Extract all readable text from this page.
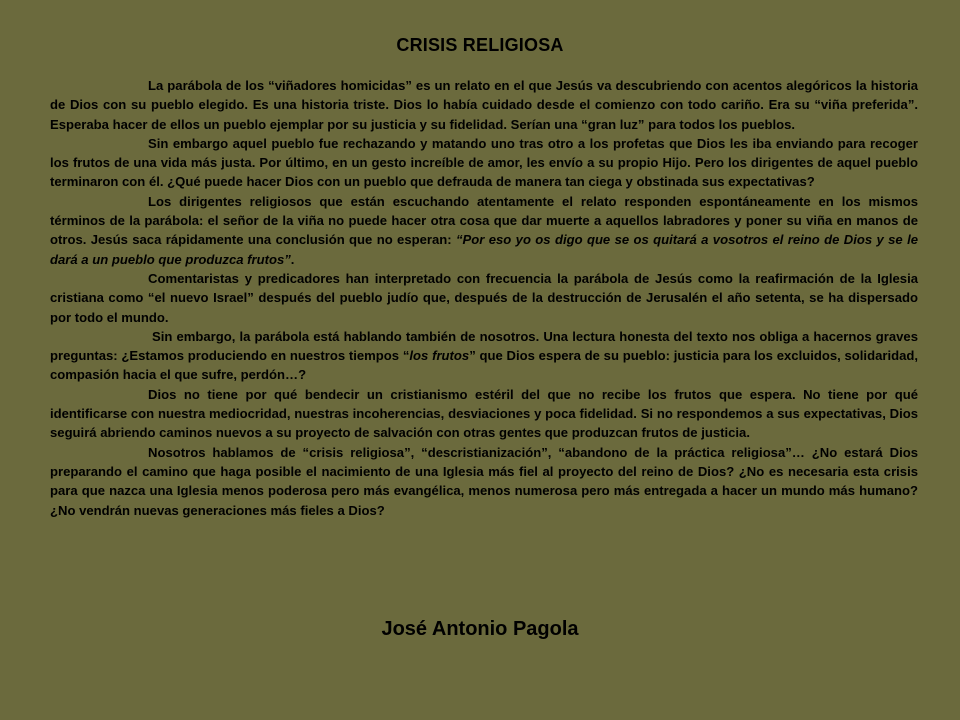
CRISIS RELIGIOSA

La parábola de los “viñadores homicidas” es un relato en el que Jesús va descubriendo con acentos alegóricos la historia de Dios con su pueblo elegido. Es una historia triste. Dios lo había cuidado desde el comienzo con todo cariño. Era su “viña preferida”. Esperaba hacer de ellos un pueblo ejemplar por su justicia y su fidelidad. Serían una “gran luz” para todos los pueblos.

Sin embargo aquel pueblo fue rechazando y matando uno tras otro a los profetas que Dios les iba enviando para recoger los frutos de una vida más justa. Por último, en un gesto increíble de amor, les envío a su propio Hijo. Pero los dirigentes de aquel pueblo terminaron con él. ¿Qué puede hacer Dios con un pueblo que defrauda de manera tan ciega y obstinada sus expectativas?

Los dirigentes religiosos que están escuchando atentamente el relato responden espontáneamente en los mismos términos de la parábola: el señor de la viña no puede hacer otra cosa que dar muerte a aquellos labradores y poner su viña en manos de otros. Jesús saca rápidamente una conclusión que no esperan: “Por eso yo os digo que se os quitará a vosotros el reino de Dios y se le dará a un pueblo que produzca frutos”.

Comentaristas y predicadores han interpretado con frecuencia la parábola de Jesús como la reafirmación de la Iglesia cristiana como “el nuevo Israel” después del pueblo judío que, después de la destrucción de Jerusalén el año setenta, se ha dispersado por todo el mundo.

Sin embargo, la parábola está hablando también de nosotros. Una lectura honesta del texto nos obliga a hacernos graves preguntas: ¿Estamos produciendo en nuestros tiempos “los frutos” que Dios espera de su pueblo: justicia para los excluidos, solidaridad, compasión hacia el que sufre, perdón…?

Dios no tiene por qué bendecir un cristianismo estéril del que no recibe los frutos que espera. No tiene por qué identificarse con nuestra mediocridad, nuestras incoherencias, desviaciones y poca fidelidad. Si no respondemos a sus expectativas, Dios seguirá abriendo caminos nuevos a su proyecto de salvación con otras gentes que produzcan frutos de justicia.

Nosotros hablamos de “crisis religiosa”, “descristianización”, “abandono de la práctica religiosa”… ¿No estará Dios preparando el camino que haga posible el nacimiento de una Iglesia más fiel al proyecto del reino de Dios? ¿No es necesaria esta crisis para que nazca una Iglesia menos poderosa pero más evangélica, menos numerosa pero más entregada a hacer un mundo más humano? ¿No vendrán nuevas generaciones más fieles a Dios?

José Antonio Pagola
